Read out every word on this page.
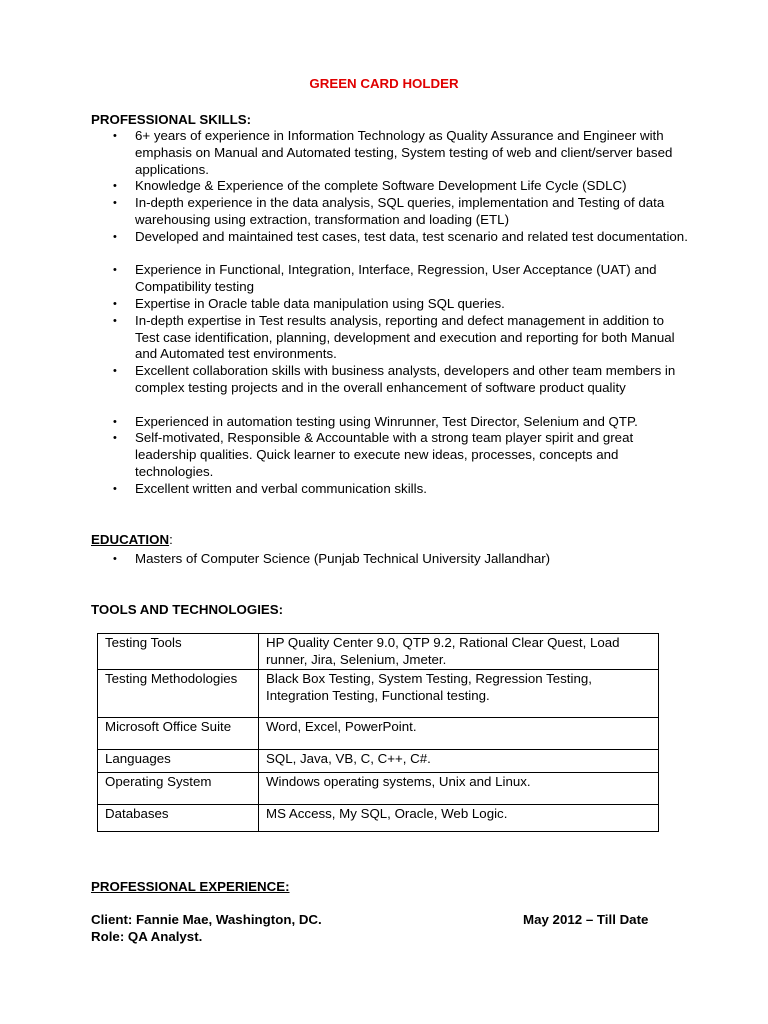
GREEN CARD HOLDER
PROFESSIONAL SKILLS:
• 6+ years of experience in Information Technology as Quality Assurance and Engineer with emphasis on Manual and Automated testing, System testing of web and client/server based applications.
• Knowledge & Experience of the complete Software Development Life Cycle (SDLC)
• In-depth experience in the data analysis, SQL queries, implementation and Testing of data warehousing using extraction, transformation and loading (ETL)
• Developed and maintained test cases, test data, test scenario and related test documentation.
• Experience in Functional, Integration, Interface, Regression, User Acceptance (UAT) and Compatibility testing
• Expertise in Oracle table data manipulation using SQL queries.
• In-depth expertise in Test results analysis, reporting and defect management in addition to Test case identification, planning, development and execution and reporting for both Manual and Automated test environments.
• Excellent collaboration skills with business analysts, developers and other team members in complex testing projects and in the overall enhancement of software product quality
• Experienced in automation testing using Winrunner, Test Director, Selenium and QTP.
• Self-motivated, Responsible & Accountable with a strong team player spirit and great leadership qualities. Quick learner to execute new ideas, processes, concepts and technologies.
• Excellent written and verbal communication skills.
EDUCATION:
• Masters of Computer Science (Punjab Technical University Jallandhar)
TOOLS AND TECHNOLOGIES:
Testing Tools	HP Quality Center 9.0, QTP 9.2, Rational Clear Quest, Load runner, Jira, Selenium, Jmeter.
Testing Methodologies	Black Box Testing, System Testing, Regression Testing, Integration Testing, Functional testing.
Microsoft Office Suite	Word, Excel, PowerPoint.
Languages	SQL, Java, VB, C, C++, C#.
Operating System	Windows operating systems, Unix and Linux.
Databases	MS Access, My SQL, Oracle, Web Logic.
PROFESSIONAL EXPERIENCE:
Client: Fannie Mae, Washington, DC.	May 2012 – Till Date
Role: QA Analyst.
